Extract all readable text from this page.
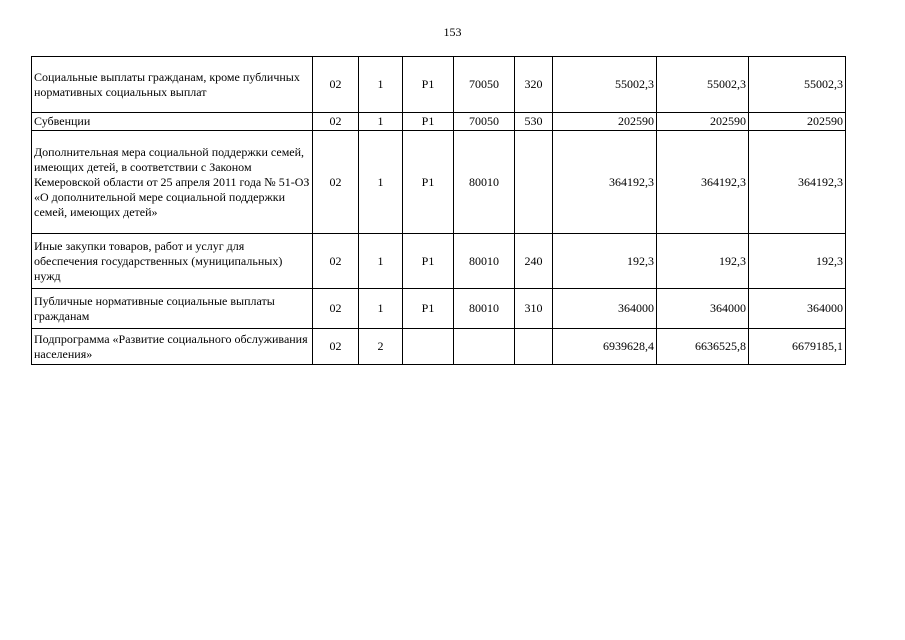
153
Социальные выплаты гражданам, кроме публичных нормативных социальных выплат	02	1	P1	70050	320	55002,3	55002,3	55002,3
Субвенции	02	1	P1	70050	530	202590	202590	202590
Дополнительная мера социальной поддержки семей, имеющих детей, в соответствии с Законом Кемеровской области от 25 апреля 2011 года № 51-ОЗ «О дополнительной мере социальной поддержки семей, имеющих детей»	02	1	P1	80010		364192,3	364192,3	364192,3
Иные закупки товаров, работ и услуг для обеспечения государственных (муниципальных) нужд	02	1	P1	80010	240	192,3	192,3	192,3
Публичные нормативные социальные выплаты гражданам	02	1	P1	80010	310	364000	364000	364000
Подпрограмма «Развитие социального обслуживания населения»	02	2				6939628,4	6636525,8	6679185,1
